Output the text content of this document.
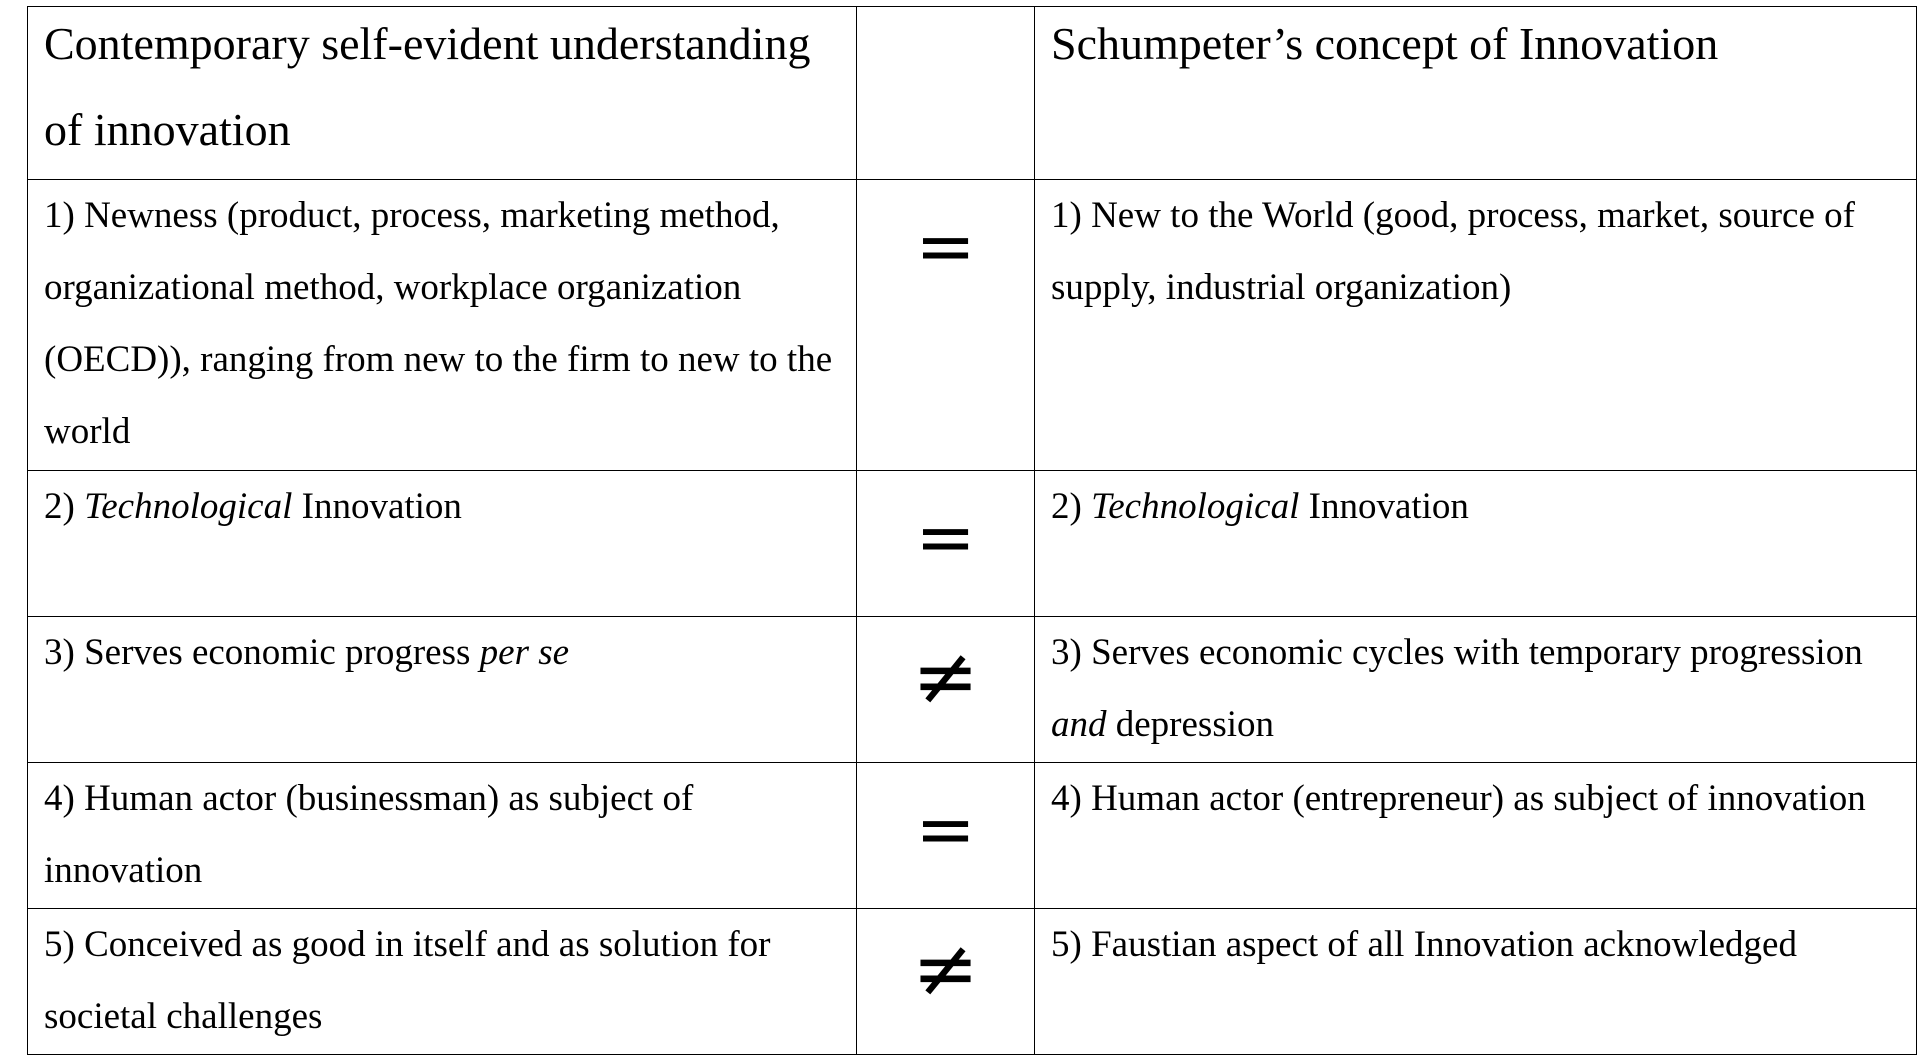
Contemporary self-evident understanding of innovation		Schumpeter’s concept of Innovation

1) Newness (product, process, marketing method, organizational method, workplace organization (OECD)), ranging from new to the firm to new to the world	=	1) New to the World (good, process, market, source of supply, industrial organization)

2) Technological Innovation	=	2) Technological Innovation

3) Serves economic progress per se	≠	3) Serves economic cycles with temporary progression and depression

4) Human actor (businessman) as subject of innovation	=	4) Human actor (entrepreneur) as subject of innovation

5) Conceived as good in itself and as solution for societal challenges	≠	5) Faustian aspect of all Innovation acknowledged
